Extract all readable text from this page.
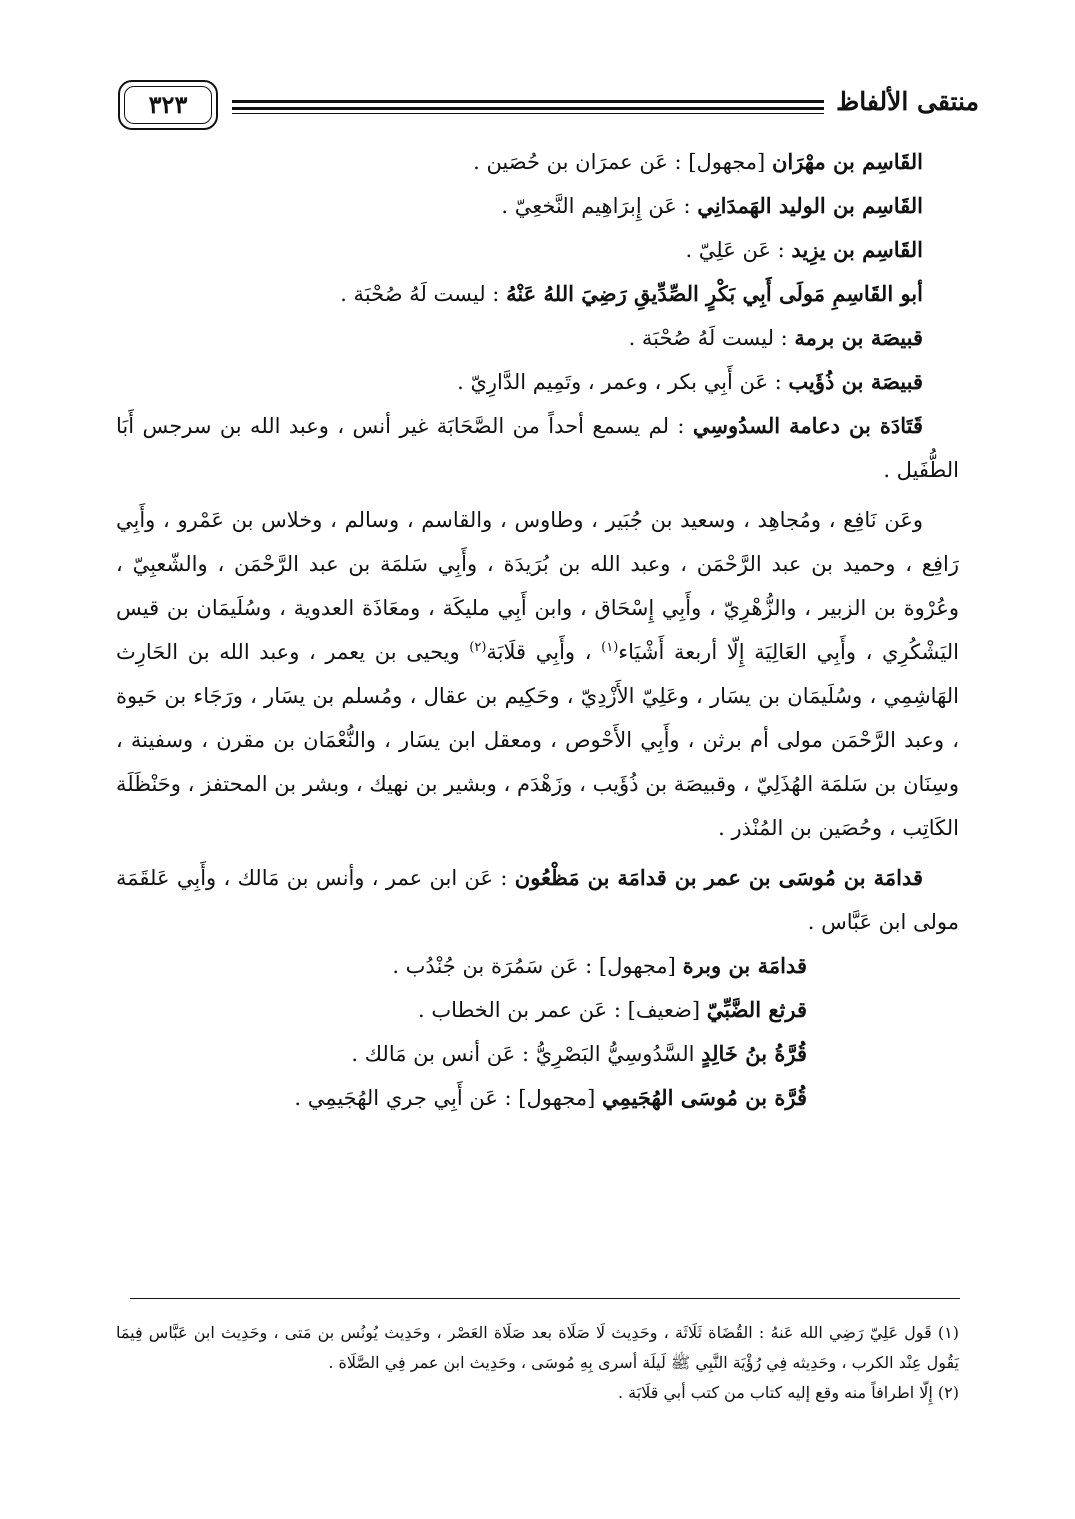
منتقى الألفاظ
٣٢٣
القَاسِم بن مهْرَان [مجهول] : عَن عمرَان بن حُصَين .
القَاسِم بن الوليد الهَمدَانِي : عَن إِبرَاهِيم النَّخعِيّ .
القَاسِم بن يزِيد : عَن عَلِيّ .
أبو القَاسِمِ مَولَى أَبِي بَكْرٍ الصِّدِّيقِ رَضِيَ اللهُ عَنْهُ : ليست لَهُ صُحْبَة .
قبيصَة بن برمة : ليست لَهُ صُحْبَة .
قبيصَة بن ذُؤَيب : عَن أَبِي بكر ، وعمر ، وتَمِيم الدَّارِيّ .
قَتَادَة بن دعامة السدُوسِي : لم يسمع أحداً من الصَّحَابَة غير أنس ، وعبد الله بن سرجس أَبَا الطُّفَيل .
وعَن نَافِع ، ومُجاهِد ، وسعيد بن جُبَير ، وطاوس ، والقاسم ، وسالم ، وخلاس بن عَمْرو ، وأَبِي رَافِع ، وحميد بن عبد الرَّحْمَن ، وعبد الله بن بُرَيدَة ، وأَبِي سَلمَة بن عبد الرَّحْمَن ، والشّعبِيّ ، وعُرْوة بن الزبير ، والزُّهْرِيّ ، وأَبِي إِسْحَاق ، وابن أَبِي مليكَة ، ومعَاذَة العدوية ، وسُلَيمَان بن قيس اليَشْكُرِي ، وأَبِي العَالِيَة إِلّا أربعة أَشْيَاء$^{(١)}$ ، وأَبِي قلَابَة$^{(٢)}$ ويحيى بن يعمر ، وعبد الله بن الحَارِث الهَاشِمِي ، وسُلَيمَان بن يسَار ، وعَلِيّ الأَزْدِيّ ، وحَكِيم بن عقال ، ومُسلم بن يسَار ، ورَجَاء بن حَيوة ، وعبد الرَّحْمَن مولى أم برثن ، وأَبِي الأَحْوص ، ومعقل ابن يسَار ، والنُّعْمَان بن مقرن ، وسفينة ، وسِنَان بن سَلمَة الهُذَلِيّ ، وقبيصَة بن ذُؤَيب ، وزَهْدَم ، وبشير بن نهيك ، وبشر بن المحتفز ، وحَنْظَلَة الكَاتِب ، وحُصَين بن المُنْذر .
قدامَة بن مُوسَى بن عمر بن قدامَة بن مَظْعُون : عَن ابن عمر ، وأنس بن مَالك ، وأَبِي عَلقَمَة مولى ابن عَبَّاس .
قدامَة بن وبرة [مجهول] : عَن سَمُرَة بن جُنْدُب .
قرثع الضَّبِّيّ [ضعيف] : عَن عمر بن الخطاب .
قُرَّةُ بنُ خَالِدٍ السَّدُوسِيُّ البَصْرِيُّ : عَن أنس بن مَالك .
قُرَّة بن مُوسَى الهُجَيمِي [مجهول] : عَن أَبِي جري الهُجَيمِي .
(١) قَول عَلِيّ رَضِي الله عَنهُ : القُضَاة ثَلَاثَة ، وحَدِيث لَا صَلَاة بعد صَلَاة العَصْر ، وحَدِيث يُونُس بن مَتى ، وحَدِيث ابن عَبَّاس فِيمَا يَقُول عِنْد الكرب ، وحَدِيثه فِي رُؤْيَة النَّبِي ﷺ لَيلَة أسرى بِهِ مُوسَى ، وحَدِيث ابن عمر فِي الصَّلَاة .
(٢) إِلّا اطرافاً منه وقع إليه كتاب من كتب أبي قلَابَة .
